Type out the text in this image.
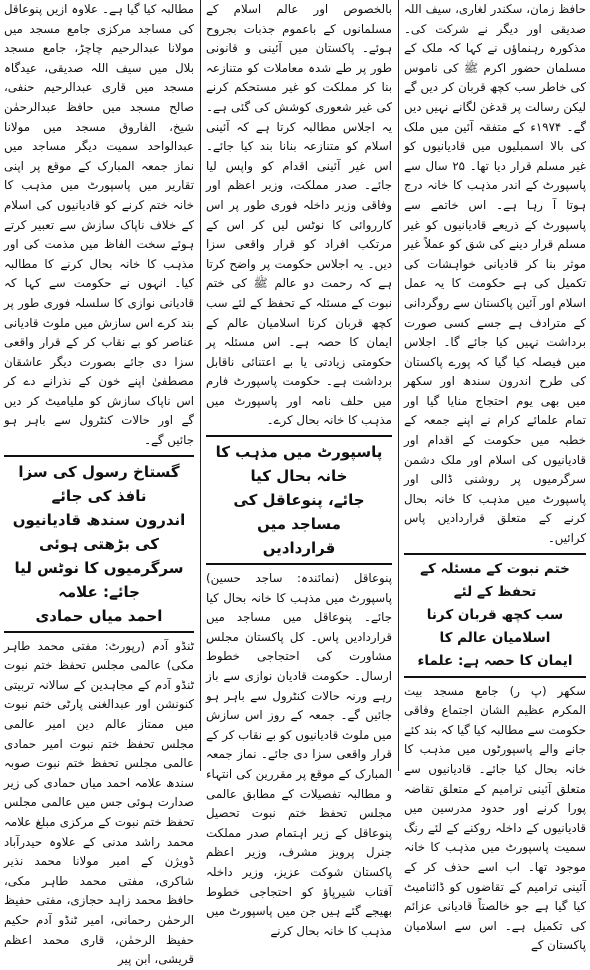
حافظ زمان، سکندر لغاری، سیف اللہ صدیقی اور دیگر نے شرکت کی۔ مذکورہ رہنماؤں نے کہا کہ ملک کے مسلمان حضور اکرم ﷺ کی ناموس کی خاطر سب کچھ قربان کر دیں گے لیکن رسالت پر قدغن لگانے نہیں دیں گے۔ ۱۹۷۴ء کے متفقہ آئین میں ملک کی بالا اسمبلیوں میں قادیانیوں کو غیر مسلم قرار دیا تھا۔ ۲۵ سال سے پاسپورٹ کے اندر مذہب کا خانہ درج ہوتا آ رہا ہے۔ اس خاتمے سے پاسپورٹ کے ذریعے قادیانیوں کو غیر مسلم قرار دینے کی شق کو عملاً غیر موثر بنا کر قادیانی خواہشات کی تکمیل کی ہے حکومت کا یہ عمل اسلام اور آئین پاکستان سے روگردانی کے مترادف ہے جسے کسی صورت برداشت نہیں کیا جائے گا۔ اجلاس میں فیصلہ کیا گیا کہ پورے پاکستان کی طرح اندرون سندھ اور سکھر میں بھی یوم احتجاج منایا گیا اور تمام علمائے کرام نے اپنے جمعہ کے خطبہ میں حکومت کے اقدام اور قادیانیوں کی اسلام اور ملک دشمن سرگرمیوں پر روشنی ڈالی اور پاسپورٹ میں مذہب کا خانہ بحال کرنے کے متعلق قراردادیں پاس کرائیں۔

ختم نبوت کے مسئلہ کے تحفظ کے لئے
سب کچھ قربان کرنا اسلامیان عالم کا
ایمان کا حصہ ہے: علماء

سکھر (پ ر) جامع مسجد بیت المکرم عظیم الشان اجتماع وفاقی حکومت سے مطالبہ کیا گیا کہ بند کئے جانے والے پاسپورٹوں میں مذہب کا خانہ بحال کیا جائے۔ قادیانیوں سے متعلق آئینی ترامیم کے متعلق تقاضہ پورا کرنے اور حدود مدرسین میں قادیانیوں کے داخلہ روکنے کے لئے رنگ سمیت پاسپورٹ میں مذہب کا خانہ موجود تھا۔ اب اسے حذف کر کے آئینی ترامیم کے تقاضوں کو ڈائنامیٹ کیا گیا ہے جو خالصتاً قادیانی عزائم کی تکمیل ہے۔ اس سے اسلامیان پاکستان کے

بالخصوص اور عالم اسلام کے مسلمانوں کے باعموم جذبات بجروح ہوئے۔ پاکستان میں آئینی و قانونی طور پر طے شدہ معاملات کو متنازعہ بنا کر مملکت کو غیر مستحکم کرنے کی غیر شعوری کوشش کی گئی ہے۔ یہ اجلاس مطالبہ کرتا ہے کہ آئینی اسلام کو متنازعہ بنانا بند کیا جائے۔ اس غیر آئینی اقدام کو واپس لیا جائے۔ صدر مملکت، وزیر اعظم اور وفاقی وزیر داخلہ فوری طور پر اس کارروائی کا نوٹس لیں کر اس کے مرتکب افراد کو قرار واقعی سزا دیں۔ یہ اجلاس حکومت پر واضح کرتا ہے کہ رحمت دو عالم ﷺ کی ختم نبوت کے مسئلہ کے تحفظ کے لئے سب کچھ قربان کرنا اسلامیان عالم کے ایمان کا حصہ ہے۔ اس مسئلہ پر حکومتی زیادتی یا بے اعتنائی ناقابل برداشت ہے۔ حکومت پاسپورٹ فارم میں حلف نامہ اور پاسپورٹ میں مذہب کا خانہ بحال کرے۔

پاسپورٹ میں مذہب کا خانہ بحال کیا
جائے، پنوعاقل کی مساجد میں
قراردادیں

پنوعاقل (نمائندہ: ساجد حسین) پاسپورٹ میں مذہب کا خانہ بحال کیا جائے۔ پنوعاقل میں مساجد میں قراردادیں پاس۔ کل پاکستان مجلس مشاورت کی احتجاجی خطوط ارسال۔ حکومت قادیان نوازی سے باز رہے ورنہ حالات کنٹرول سے باہر ہو جائیں گے۔ جمعہ کے روز اس سازش میں ملوث قادیانیوں کو بے نقاب کر کے قرار واقعی سزا دی جائے۔ نماز جمعہ المبارک کے موقع پر مقررین کی انتہاء و مطالبہ تفصیلات کے مطابق عالمی مجلس تحفظ ختم نبوت تحصیل پنوعاقل کے زیر اہتمام صدر مملکت جنرل پرویز مشرف، وزیر اعظم پاکستان شوکت عزیز، وزیر داخلہ آفتاب شیرپاؤ کو احتجاجی خطوط بھیجے گئے ہیں جن میں پاسپورٹ میں مذہب کا خانہ بحال کرنے

مطالبہ کیا گیا ہے۔ علاوہ ازیں پنوعاقل کی مساجد مرکزی جامع مسجد میں مولانا عبدالرحیم چاچڑ، جامع مسجد بلال میں سیف اللہ صدیقی، عیدگاہ مسجد میں قاری عبدالرحیم حنفی، صالح مسجد میں حافظ عبدالرحمٰن شیخ، الفاروق مسجد میں مولانا عبدالواحد سمیت دیگر مساجد میں نماز جمعہ المبارک کے موقع پر اپنی تقاریر میں پاسپورٹ میں مذہب کا خانہ ختم کرنے کو قادیانیوں کی اسلام کے خلاف ناپاک سازش سے تعبیر کرتے ہوئے سخت الفاظ میں مذمت کی اور مذہب کا خانہ بحال کرنے کا مطالبہ کیا۔ انہوں نے حکومت سے کہا کہ قادیانی نوازی کا سلسلہ فوری طور پر بند کرے اس سازش میں ملوث قادیانی عناصر کو بے نقاب کر کے قرار واقعی سزا دی جائے بصورت دیگر عاشقان مصطفیٰ اپنے خون کے نذرانے دے کر اس ناپاک سازش کو ملیامیٹ کر دیں گے اور حالات کنٹرول سے باہر ہو جائیں گے۔

گستاخ رسول کی سزا نافذ کی جائے
اندرون سندھ قادیانیوں کی بڑھتی ہوئی
سرگرمیوں کا نوٹس لیا جائے: علامہ
احمد میاں حمادی

ٹنڈو آدم (رپورٹ: مفتی محمد طاہر مکی) عالمی مجلس تحفظ ختم نبوت ٹنڈو آدم کے مجاہدین کے سالانہ تربیتی کنونشن اور عبدالغنی پارٹی ختم نبوت میں ممتاز عالم دین امیر عالمی مجلس تحفظ ختم نبوت امیر حمادی عالمی مجلس تحفظ ختم نبوت صوبہ سندھ علامہ احمد میاں حمادی کی زیر صدارت ہوئی جس میں عالمی مجلس تحفظ ختم نبوت کے مرکزی مبلغ علامہ محمد راشد مدنی کے علاوہ حیدرآباد ڈویژن کے امیر مولانا محمد نذیر شاکری، مفتی محمد طاہر مکی، حافظ محمد زاہد حجازی، مفتی حفیظ الرحمٰن رحمانی، امیر ٹنڈو آدم حکیم حفیظ الرحمٰن، قاری محمد اعظم قریشی، ابن پیر
